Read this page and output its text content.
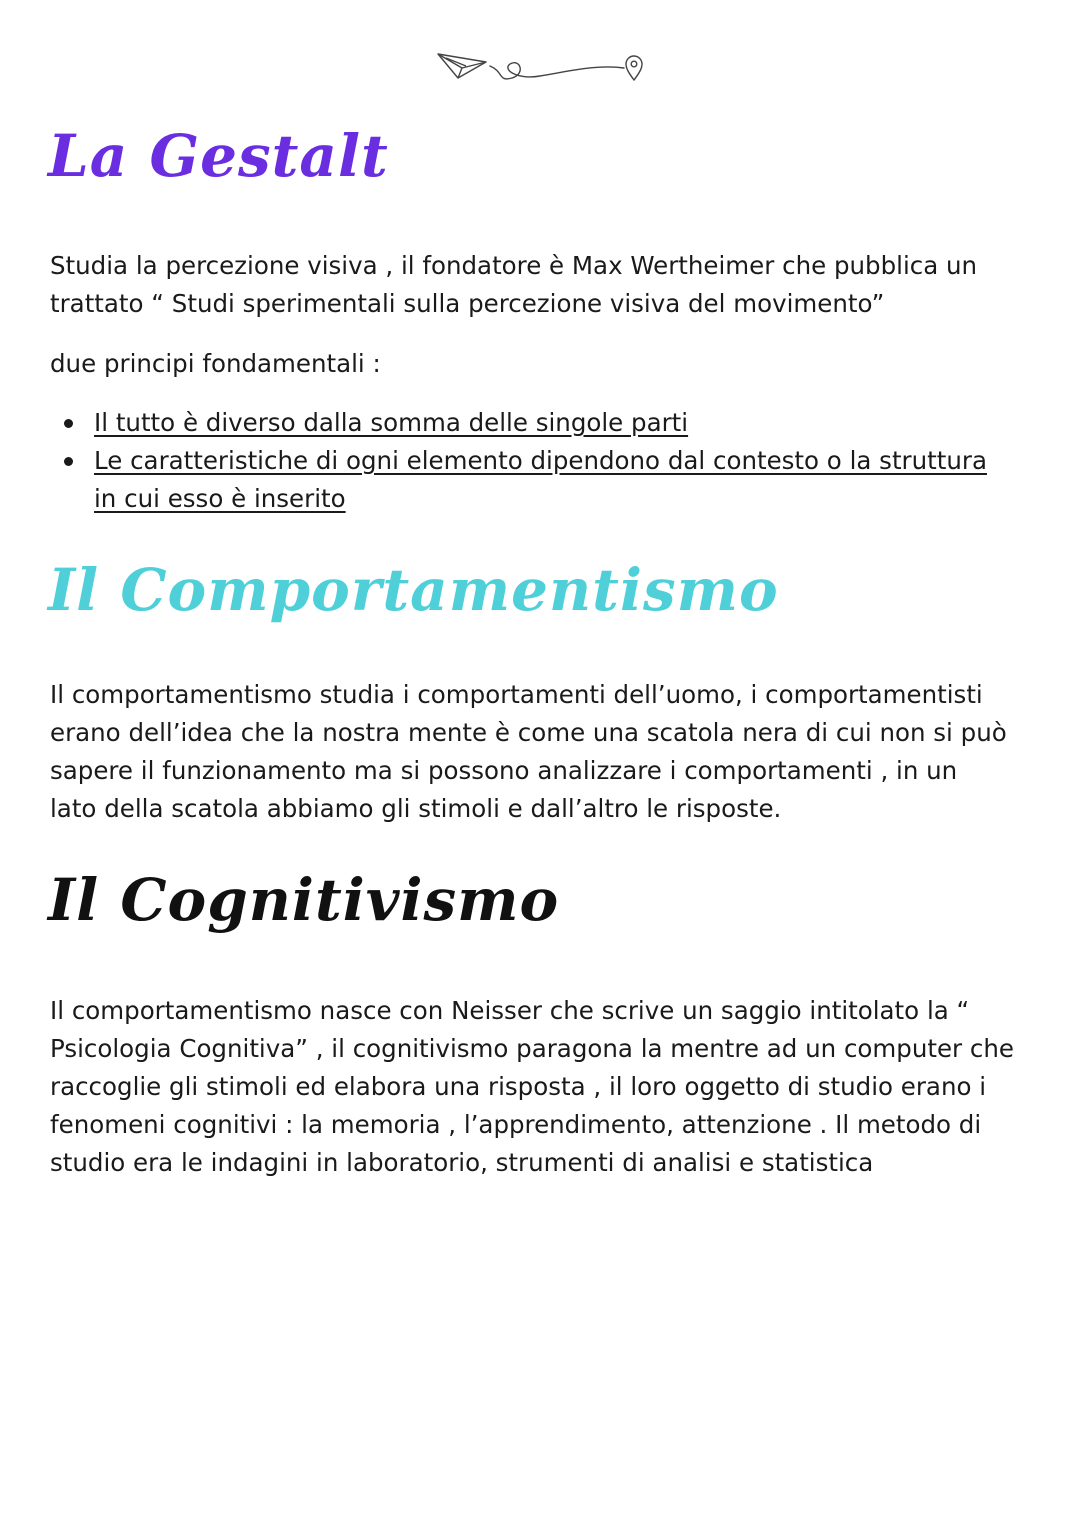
La Gestalt

Studia la percezione visiva , il fondatore è Max Wertheimer che pubblica un trattato “ Studi sperimentali sulla percezione visiva del movimento”

due principi fondamentali :

Il tutto è diverso dalla somma delle singole parti
Le caratteristiche di ogni elemento dipendono dal contesto o la struttura in cui esso è inserito
Il Comportamentismo

Il comportamentismo studia i comportamenti dell’uomo, i comportamentisti erano dell’idea che la nostra mente è come una scatola nera di cui non si può sapere il funzionamento ma si possono analizzare i comportamenti , in un lato della scatola abbiamo gli stimoli e dall’altro le risposte.

Il Cognitivismo

Il comportamentismo nasce con Neisser che scrive un saggio intitolato la “ Psicologia Cognitiva” , il cognitivismo paragona la mentre ad un computer che raccoglie gli stimoli ed elabora una risposta , il loro oggetto di studio erano i fenomeni cognitivi : la memoria , l’apprendimento, attenzione . Il metodo di studio era le indagini in laboratorio, strumenti di analisi e statistica
